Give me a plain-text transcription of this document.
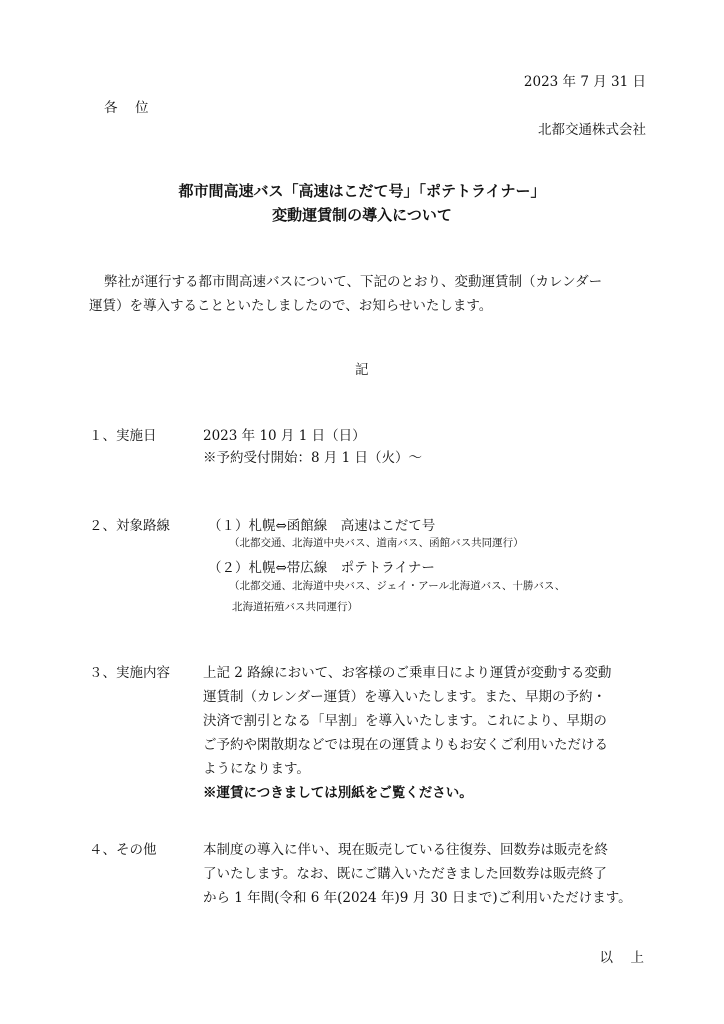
2023 年 7 月 31 日
各　位
北都交通株式会社
都市間高速バス「高速はこだて号」「ポテトライナー」
変動運賃制の導入について
弊社が運行する都市間高速バスについて、下記のとおり、変動運賃制（カレンダー
運賃）を導入することといたしましたので、お知らせいたします。
記
１、実施日	2023 年 10 月 1 日（日）
※予約受付開始：8 月 1 日（火）～
２、対象路線	（１）札幌⇔函館線　高速はこだて号
（北都交通、北海道中央バス、道南バス、函館バス共同運行）
（２）札幌⇔帯広線　ポテトライナー
（北都交通、北海道中央バス、ジェイ・アール北海道バス、十勝バス、
北海道拓殖バス共同運行）
３、実施内容 上記 2 路線において、お客様のご乗車日により運賃が変動する変動
運賃制（カレンダー運賃）を導入いたします。また、早期の予約・
決済で割引となる「早割」を導入いたします。これにより、早期の
ご予約や閑散期などでは現在の運賃よりもお安くご利用いただける
ようになります。
※運賃につきましては別紙をご覧ください。
４、その他	本制度の導入に伴い、現在販売している往復券、回数券は販売を終
了いたします。なお、既にご購入いただきました回数券は販売終了
から 1 年間(令和 6 年(2024 年)9 月 30 日まで)ご利用いただけます。
以　上
